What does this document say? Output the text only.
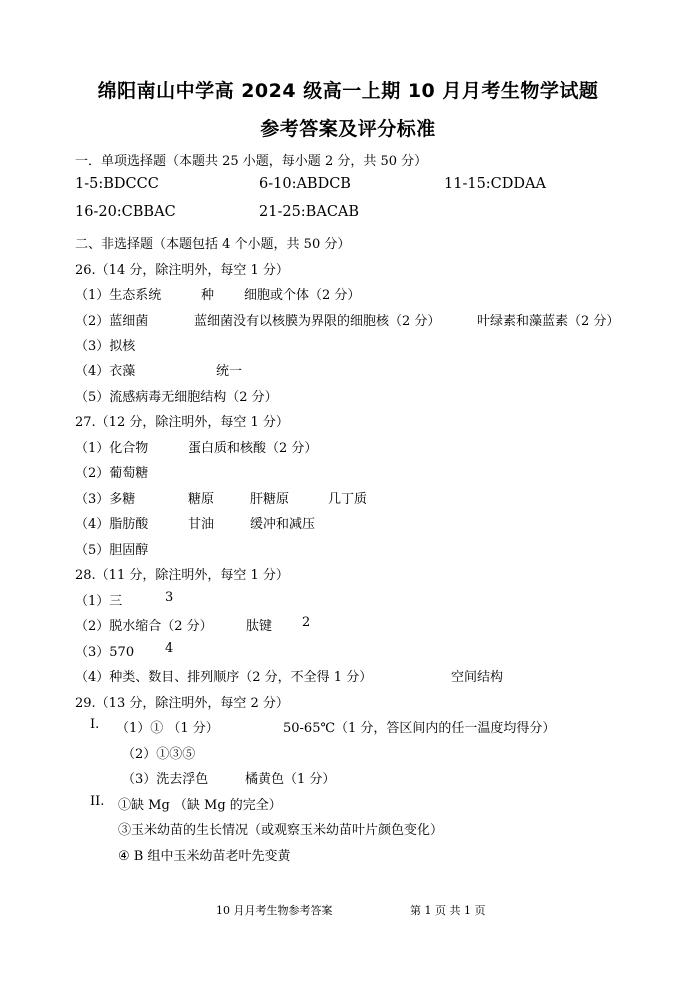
绵阳南山中学高 2024 级高一上期 10 月月考生物学试题
参考答案及评分标准
一．单项选择题（本题共 25 小题，每小题 2 分，共 50 分）
1-5:BDCCC	6-10:ABDCB	11-15:CDDAA
16-20:CBBAC	21-25:BACAB
二、非选择题（本题包括 4 个小题，共 50 分）
26.（14 分，除注明外，每空 1 分）
（1）生态系统	种 细胞或个体（2 分）
（2）蓝细菌	蓝细菌没有以核膜为界限的细胞核（2 分）	叶绿素和藻蓝素（2 分）
（3）拟核
（4）衣藻	统一
（5）流感病毒无细胞结构（2 分）
27.（12 分，除注明外，每空 1 分）
（1）化合物	蛋白质和核酸（2 分）
（2）葡萄糖
（3）多糖	糖原	肝糖原	几丁质
（4）脂肪酸	甘油	缓冲和减压
（5）胆固醇
28.（11 分，除注明外，每空 1 分）
（1）三	3
（2）脱水缩合（2 分）	肽键 2
（3）570 4
（4）种类、数目、排列顺序（2 分，不全得 1 分）	空间结构
29.（13 分，除注明外，每空 2 分）
I. （1）① （1 分）	50-65℃（1 分，答区间内的任一温度均得分）
（2）①③⑤
（3）洗去浮色	橘黄色（1 分）
II. ①缺 Mg （缺 Mg 的完全）
③玉米幼苗的生长情况（或观察玉米幼苗叶片颜色变化）
④ B 组中玉米幼苗老叶先变黄
10 月月考生物参考答案	第 1 页 共 1 页
